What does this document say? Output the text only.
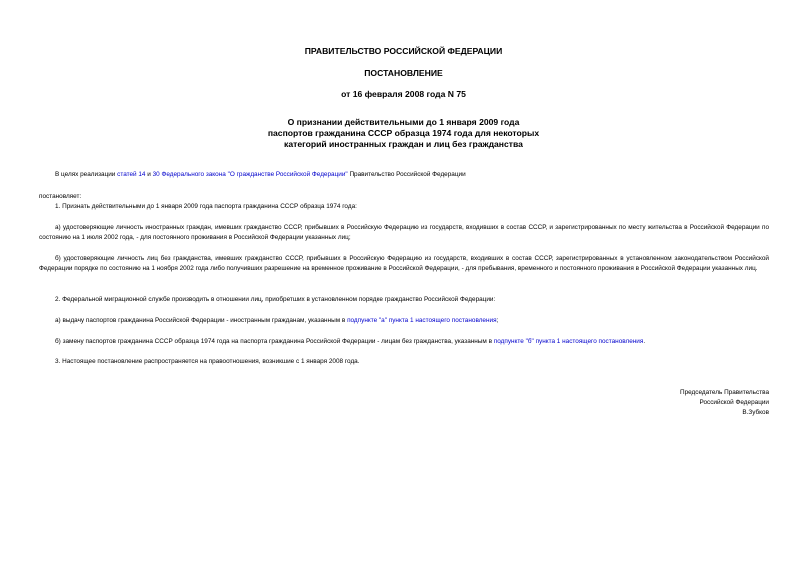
ПРАВИТЕЛЬСТВО РОССИЙСКОЙ ФЕДЕРАЦИИ
ПОСТАНОВЛЕНИЕ
от 16 февраля 2008 года N 75
О признании действительными до 1 января 2009 года
паспортов гражданина СССР образца 1974 года для некоторых
категорий иностранных граждан и лиц без гражданства
В целях реализации статей 14 и 30 Федерального закона "О гражданстве Российской Федерации" Правительство Российской Федерации
постановляет:
1. Признать действительными до 1 января 2009 года паспорта гражданина СССР образца 1974 года:
а) удостоверяющие личность иностранных граждан, имевших гражданство СССР, прибывших в Российскую Федерацию из государств, входивших в состав СССР, и зарегистрированных по месту жительства в Российской Федерации по состоянию на 1 июля 2002 года, - для постоянного проживания в Российской Федерации указанных лиц;
б) удостоверяющие личность лиц без гражданства, имевших гражданство СССР, прибывших в Российскую Федерацию из государств, входивших в состав СССР, зарегистрированных в установленном законодательством Российской Федерации порядке по состоянию на 1 ноября 2002 года либо получивших разрешение на временное проживание в Российской Федерации, - для пребывания, временного и постоянного проживания в Российской Федерации указанных лиц.
2. Федеральной миграционной службе производить в отношении лиц, приобретших в установленном порядке гражданство Российской Федерации:
а) выдачу паспортов гражданина Российской Федерации - иностранным гражданам, указанным в подпункте "а" пункта 1 настоящего постановления;
б) замену паспортов гражданина СССР образца 1974 года на паспорта гражданина Российской Федерации - лицам без гражданства, указанным в подпункте "б" пункта 1 настоящего постановления.
3. Настоящее постановление распространяется на правоотношения, возникшие с 1 января 2008 года.
Председатель Правительства
Российской Федерации
В.Зубков
